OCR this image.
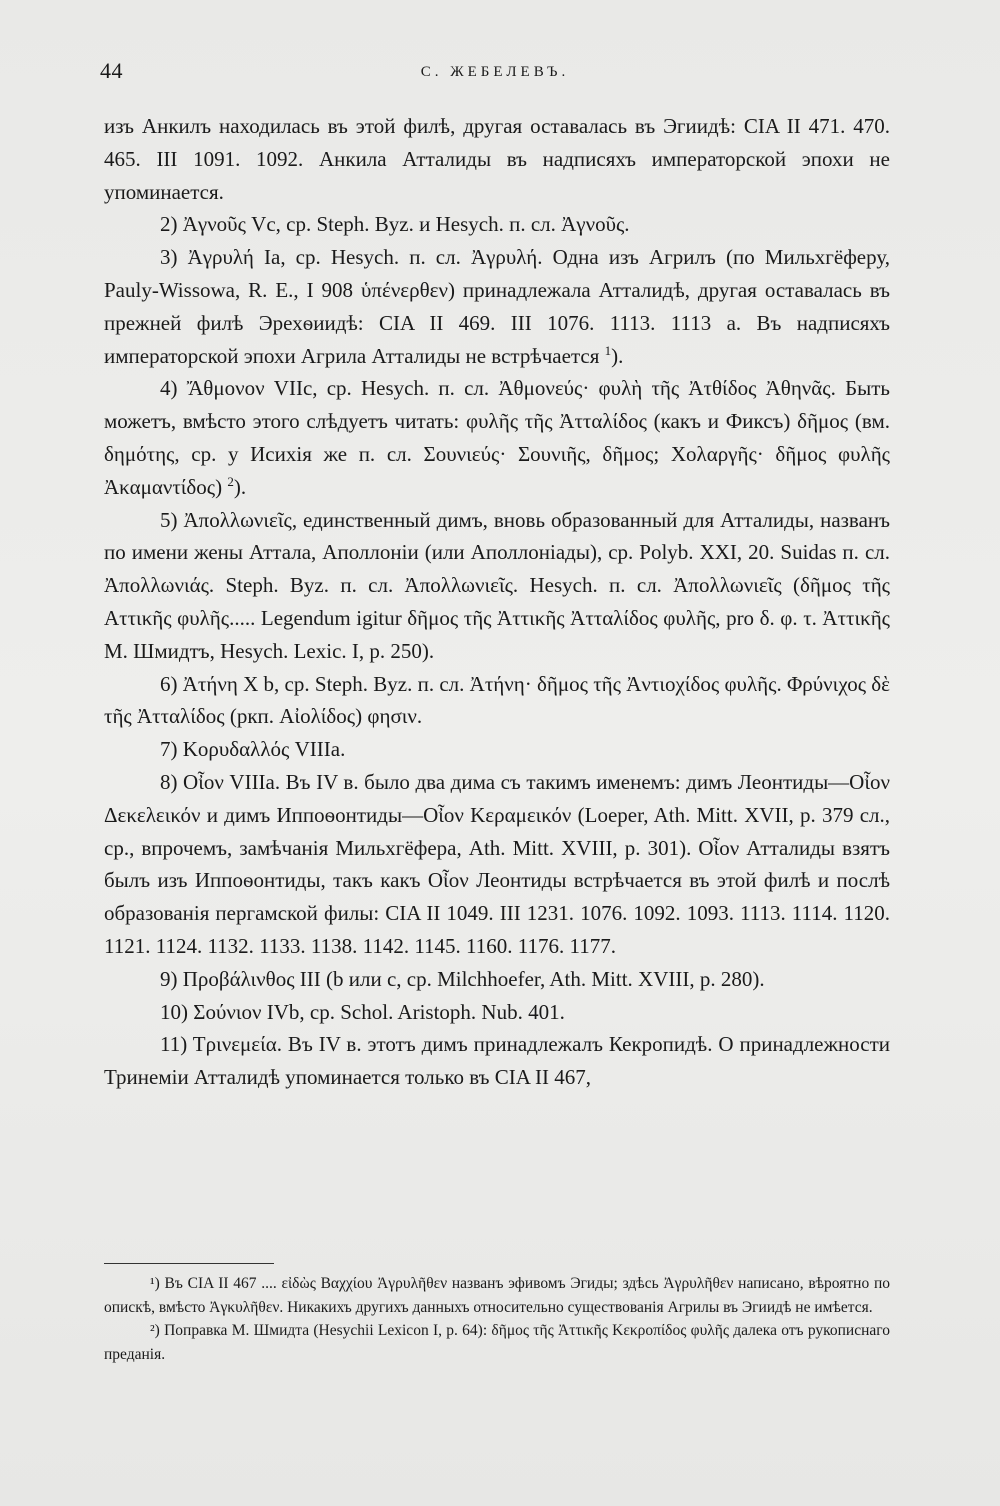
44	С. ЖЕБЕЛЕВЪ.

изъ Анкилъ находилась въ этой филѣ, другая оставалась въ Эгиидѣ: CIA II 471. 470. 465. III 1091. 1092. Анкила Атталиды въ надписяхъ императорской эпохи не упоминается.

2) Ἀγνοῦς Vc, ср. Steph. Byz. и Hesych. п. сл. Ἀγνοῦς.

3) Ἀγρυλή Ia, ср. Hesych. п. сл. Ἀγρυλή. Одна изъ Агрилъ (по Мильхгёферу, Pauly-Wissowa, R. E., I 908 ὑπένερθεν) принадлежала Атталидѣ, другая оставалась въ прежней филѣ Эрехѳиидѣ: CIA II 469. III 1076. 1113. 1113 a. Въ надписяхъ императорской эпохи Агрила Атталиды не встрѣчается $^1$).

4) Ἄθμονον VIIc, ср. Hesych. п. сл. Ἀθμονεύς· φυλὴ τῆς Ἀτθίδος Ἀθηνᾶς. Быть можетъ, вмѣсто этого слѣдуетъ читать: φυλῆς τῆς Ἀτταλίδος (какъ и Фиксъ) δῆμος (вм. δημότης, ср. у Исихія же п. сл. Σουνιεύς· Σουνιῆς, δῆμος; Χολαργῆς· δῆμος φυλῆς Ἀκαμαντίδος) $^2$).

5) Ἀπολλωνιεῖς, единственный димъ, вновь образованный для Атталиды, названъ по имени жены Аттала, Аполлоніи (или Аполлоніады), ср. Polyb. XXI, 20. Suidas п. сл. Ἀπολλωνιάς. Steph. Byz. п. сл. Ἀπολλωνιεῖς. Hesych. п. сл. Ἀπολλωνιεῖς (δῆμος τῆς Αττικῆς φυλῆς..... Legendum igitur δῆμος τῆς Ἀττικῆς Ἀτταλίδος φυλῆς, pro δ. φ. τ. Ἀττικῆς М. Шмидтъ, Hesych. Lexic. I, p. 250).

6) Ἀτήνη X b, ср. Steph. Byz. п. сл. Ἀτήνη· δῆμος τῆς Ἀντιοχίδος φυλῆς. Φρύνιχος δὲ τῆς Ἀτταλίδος (ркп. Αἰολίδος) φησιν.

7) Κορυδαλλός VIIIa.

8) Οἶον VIIIa. Въ IV в. было два дима съ такимъ именемъ: димъ Леонтиды—Οἶον Δεκελεικόν и димъ Иппоѳонтиды—Οἶον Κεραμεικόν (Loeper, Ath. Mitt. XVII, p. 379 сл., ср., впрочемъ, замѣчанія Мильхгёфера, Ath. Mitt. XVIII, p. 301). Οἶον Атталиды взятъ былъ изъ Иппоѳонтиды, такъ какъ Οἶον Леонтиды встрѣчается въ этой филѣ и послѣ образованія пергамской филы: CIA II 1049. III 1231. 1076. 1092. 1093. 1113. 1114. 1120. 1121. 1124. 1132. 1133. 1138. 1142. 1145. 1160. 1176. 1177.

9) Προβάλινθος III (b или c, ср. Milchhoefer, Ath. Mitt. XVIII, p. 280).

10) Σούνιον IVb, ср. Schol. Aristoph. Nub. 401.

11) Τρινεμεία. Въ IV в. этотъ димъ принадлежалъ Кекропидѣ. О принадлежности Тринеміи Атталидѣ упоминается только въ CIA II 467,

¹) Въ CIA II 467 .... εἰδὼς Βαχχίου Ἀγρυλῆθεν названъ эфивомъ Эгиды; здѣсь Ἀγρυλῆθεν написано, вѣроятно по опискѣ, вмѣсто Ἀγκυλῆθεν. Никакихъ другихъ данныхъ относительно существованія Агрилы въ Эгиидѣ не имѣется.

²) Поправка М. Шмидта (Hesychii Lexicon I, p. 64): δῆμος τῆς Ἀττικῆς Κεκροπίδος φυλῆς далека отъ рукописнаго преданія.
